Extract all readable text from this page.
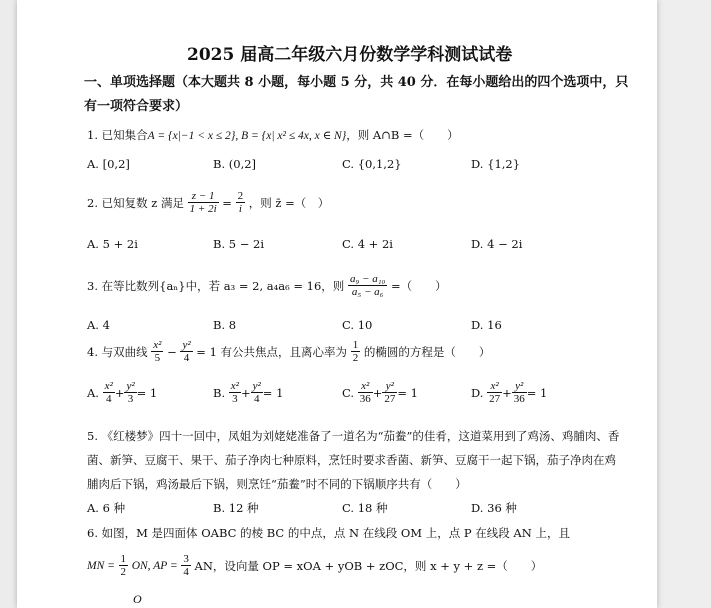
2025 届高二年级六月份数学学科测试试卷
一、单项选择题（本大题共 8 小题，每小题 5 分，共 40 分．在每小题给出的四个选项中，只
有一项符合要求）
1. 已知集合A = {x|−1 < x ≤ 2}, B = {x| x² ≤ 4x, x ∈ N}，则 A∩B =（　　）
A. [0,2]	B. (0,2]	C. {0,1,2}	D. {1,2}
2. 已知复数 z 满足 $\frac{z - 1}{1 + 2i} = \frac{2}{i}$ ，则 z̄ =（　）
A. 5 + 2i	B. 5 − 2i	C. 4 + 2i	D. 4 − 2i
3. 在等比数列{aₙ}中，若 a₃ = 2, a₄a₆ = 16，则 $\frac{\text{a₉ − a₁₀}}{\text{a₅ − a₆}}$ =（　　）
A. 4	B. 8	C. 10	D. 16
4. 与双曲线 $\frac{\text{x²}}{5} - \frac{\text{y²}}{4} = 1$ 有公共焦点，且离心率为 $\frac{1}{2}$ 的椭圆的方程是（　　）
A. $\frac{\text{x²}}{4} + \frac{\text{y²}}{3} = 1$	B. $\frac{\text{x²}}{3} + \frac{\text{y²}}{4} = 1$	C. $\frac{\text{x²}}{36} + \frac{\text{y²}}{27} = 1$	D. $\frac{\text{x²}}{27} + \frac{\text{y²}}{36} = 1$
5. 《红楼梦》四十一回中，凤姐为刘姥姥准备了一道名为“茄鲞”的佳肴，这道菜用到了鸡汤、鸡脯肉、香
菌、新笋、豆腐干、果干、茄子净肉七种原料，烹饪时要求香菌、新笋、豆腐干一起下锅，茄子净肉在鸡
脯肉后下锅，鸡汤最后下锅，则烹饪“茄鲞”时不同的下锅顺序共有（　　）
A. 6 种	B. 12 种	C. 18 种	D. 36 种
6. 如图，M 是四面体 OABC 的棱 BC 的中点，点 N 在线段 OM 上，点 P 在线段 AN 上，且
MN = $\frac{1}{2}$ ON, AP = $\frac{3}{4}$ AN，设向量 OP = xOA + yOB + zOC，则 x + y + z =（　　）
O
